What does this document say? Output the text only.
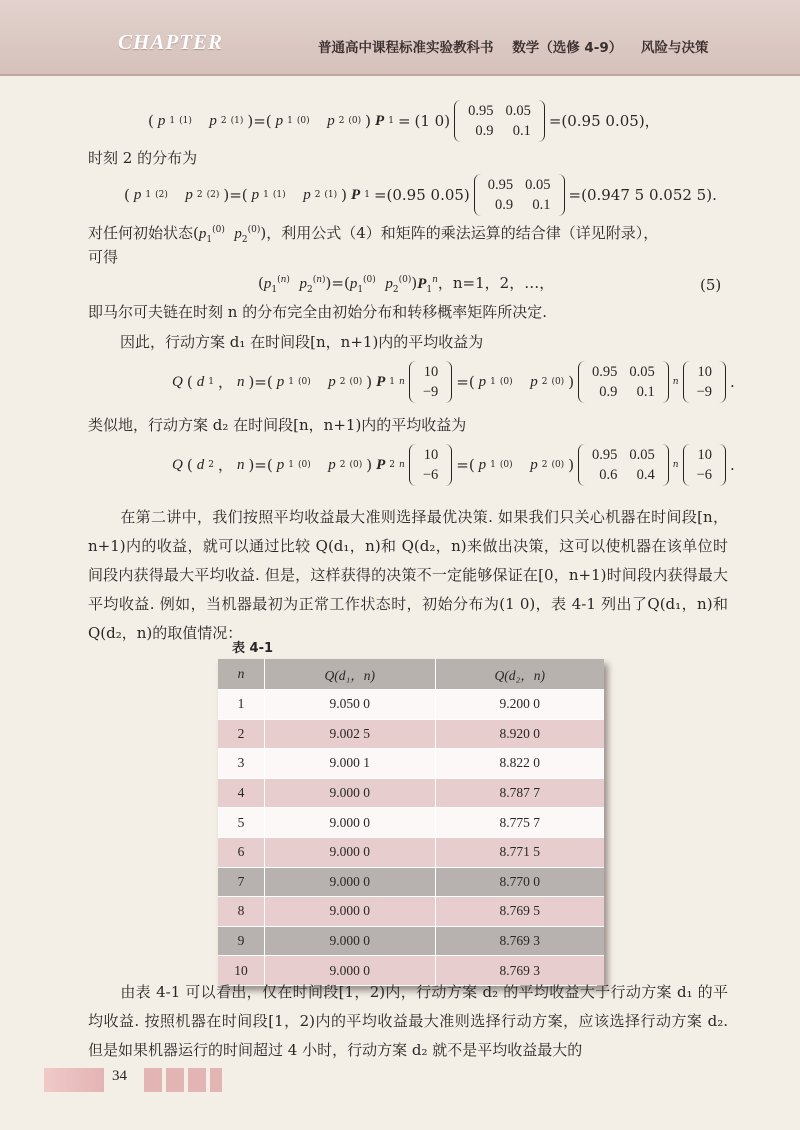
CHAPTER	普通高中课程标准实验教科书 数学（选修 4-9） 风险与决策
( p 1 (1)
p 2 (1) )=( p 1 (0)
p 2 (0) ) P 1 = (1 0)
0.95	0.05
0.9	0.1
=(0.95 0.05)，
时刻 2 的分布为
( p 1 (2)
p 2 (2) )=( p 1 (1)
p 2 (1) ) P 1 =(0.95 0.05)
0.95	0.05
0.9	0.1
=(0.947 5 0.052 5).
对任何初始状态($p_1^{(0)}$ $p_2^{(0)}$)，利用公式（4）和矩阵的乘法运算的结合律（详见附录），
可得
($p_1^{(n)}$ $p_2^{(n)})=(p_1^{(0)}$ $p_2^{(0)})P_1^n$，n=1，2，…，	(5)
即马尔可夫链在时刻 n 的分布完全由初始分布和转移概率矩阵所决定.
因此，行动方案 d₁ 在时间段[n，n+1)内的平均收益为
Q ( d 1 ， n )=( p 1 (0)
p 2 (0) ) P 1 n
10
−9
=( p 1 (0)
p 2 (0) )
0.95	0.05
0.9	0.1
n
10
−9
.
类似地，行动方案 d₂ 在时间段[n，n+1)内的平均收益为
Q ( d 2 ， n )=( p 1 (0)
p 2 (0) ) P 2 n
10
−6
=( p 1 (0)
p 2 (0) )
0.95	0.05
0.6	0.4
n
10
−6
.
在第二讲中，我们按照平均收益最大准则选择最优决策. 如果我们只关心机器在时间段[n，n+1)内的收益，就可以通过比较 Q(d₁，n)和 Q(d₂，n)来做出决策，这可以使机器在该单位时间段内获得最大平均收益. 但是，这样获得的决策不一定能够保证在[0，n+1)时间段内获得最大平均收益. 例如，当机器最初为正常工作状态时，初始分布为(1 0)，表 4-1 列出了Q(d₁，n)和 Q(d₂，n)的取值情况：
表 4-1
n	Q(d₁，n)	Q(d₂，n)
1	9.050 0	9.200 0
2	9.002 5	8.920 0
3	9.000 1	8.822 0
4	9.000 0	8.787 7
5	9.000 0	8.775 7
6	9.000 0	8.771 5
7	9.000 0	8.770 0
8	9.000 0	8.769 5
9	9.000 0	8.769 3
10	9.000 0	8.769 3
由表 4-1 可以看出，仅在时间段[1，2)内，行动方案 d₂ 的平均收益大于行动方案 d₁ 的平均收益. 按照机器在时间段[1，2)内的平均收益最大准则选择行动方案，应该选择行动方案 d₂. 但是如果机器运行的时间超过 4 小时，行动方案 d₂ 就不是平均收益最大的
34
